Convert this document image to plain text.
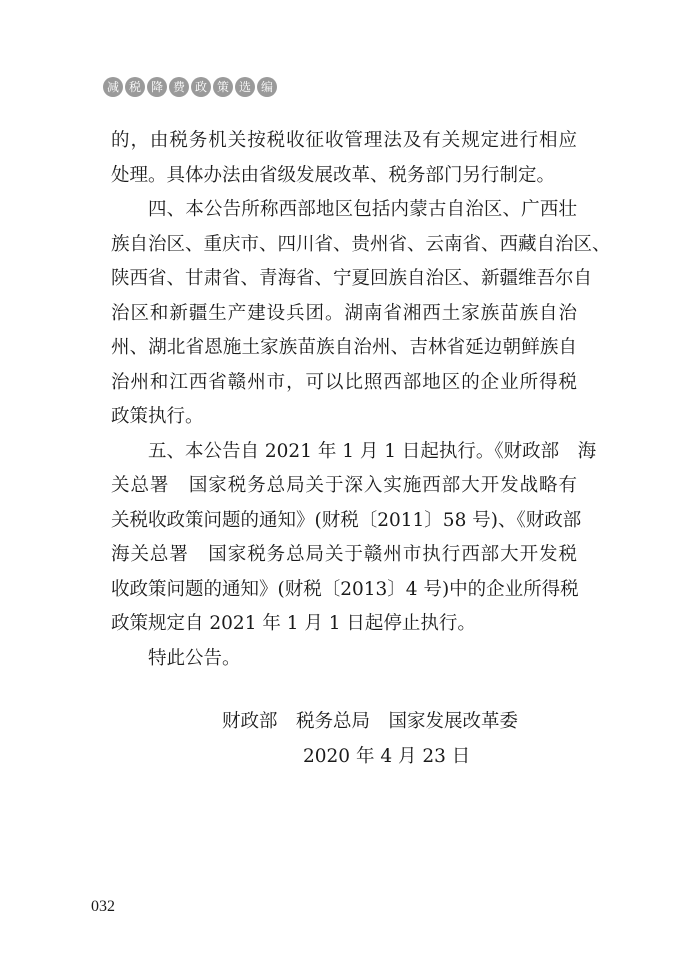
减 税 降 费 政 策 选 编
的，由税务机关按税收征收管理法及有关规定进行相应
处理。具体办法由省级发展改革、税务部门另行制定。
四、本公告所称西部地区包括内蒙古自治区、广西壮
族自治区、重庆市、四川省、贵州省、云南省、西藏自治区、
陕西省、甘肃省、青海省、宁夏回族自治区、新疆维吾尔自
治区和新疆生产建设兵团。湖南省湘西土家族苗族自治
州、湖北省恩施土家族苗族自治州、吉林省延边朝鲜族自
治州和江西省赣州市，可以比照西部地区的企业所得税
政策执行。
五、本公告自 2021 年 1 月 1 日起执行。《财政部　海
关总署　国家税务总局关于深入实施西部大开发战略有
关税收政策问题的通知》(财税〔2011〕58 号)、《财政部
海关总署　国家税务总局关于赣州市执行西部大开发税
收政策问题的通知》(财税〔2013〕4 号)中的企业所得税
政策规定自 2021 年 1 月 1 日起停止执行。
特此公告。
财政部　税务总局　国家发展改革委
2020 年 4 月 23 日
032
